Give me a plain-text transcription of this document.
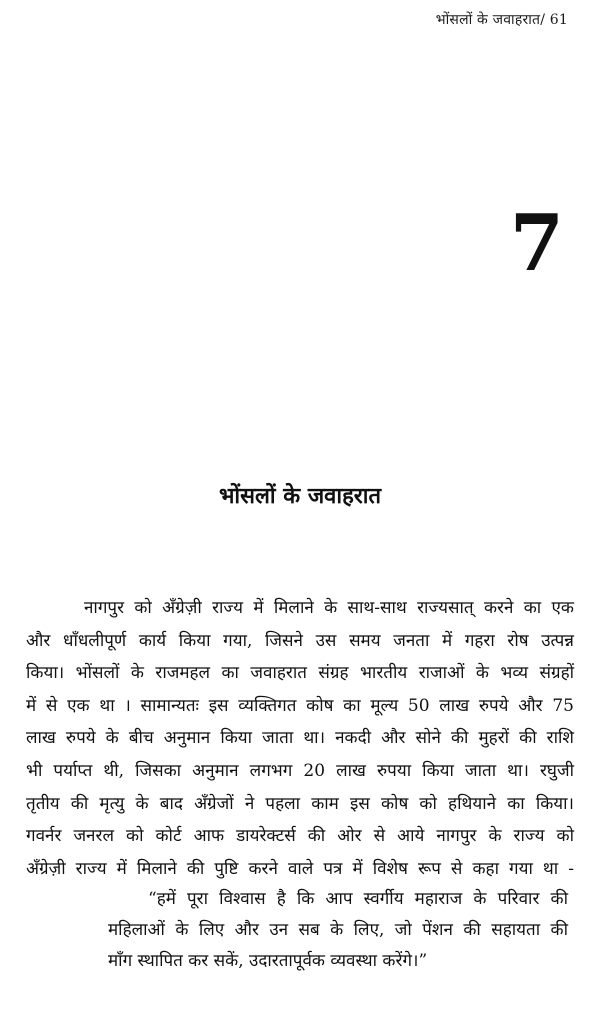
भोंसलों के जवाहरात/ 61
7
भोंसलों के जवाहरात
नागपुर को अँग्रेज़ी राज्य में मिलाने के साथ-साथ राज्यसात् करने का एक
और धाँधलीपूर्ण कार्य किया गया, जिसने उस समय जनता में गहरा रोष उत्पन्न
किया। भोंसलों के राजमहल का जवाहरात संग्रह भारतीय राजाओं के भव्य संग्रहों
में से एक था । सामान्यतः इस व्यक्तिगत कोष का मूल्य 50 लाख रुपये और 75
लाख रुपये के बीच अनुमान किया जाता था। नकदी और सोने की मुहरों की राशि
भी पर्याप्त थी, जिसका अनुमान लगभग 20 लाख रुपया किया जाता था। रघुजी
तृतीय की मृत्यु के बाद अँग्रेजों ने पहला काम इस कोष को हथियाने का किया।
गवर्नर जनरल को कोर्ट आफ डायरेक्टर्स की ओर से आये नागपुर के राज्य को
अँग्रेज़ी राज्य में मिलाने की पुष्टि करने वाले पत्र में विशेष रूप से कहा गया था -
“हमें पूरा विश्वास है कि आप स्वर्गीय महाराज के परिवार की
महिलाओं के लिए और उन सब के लिए, जो पेंशन की सहायता की
माँग स्थापित कर सकें, उदारतापूर्वक व्यवस्था करेंगे।”
